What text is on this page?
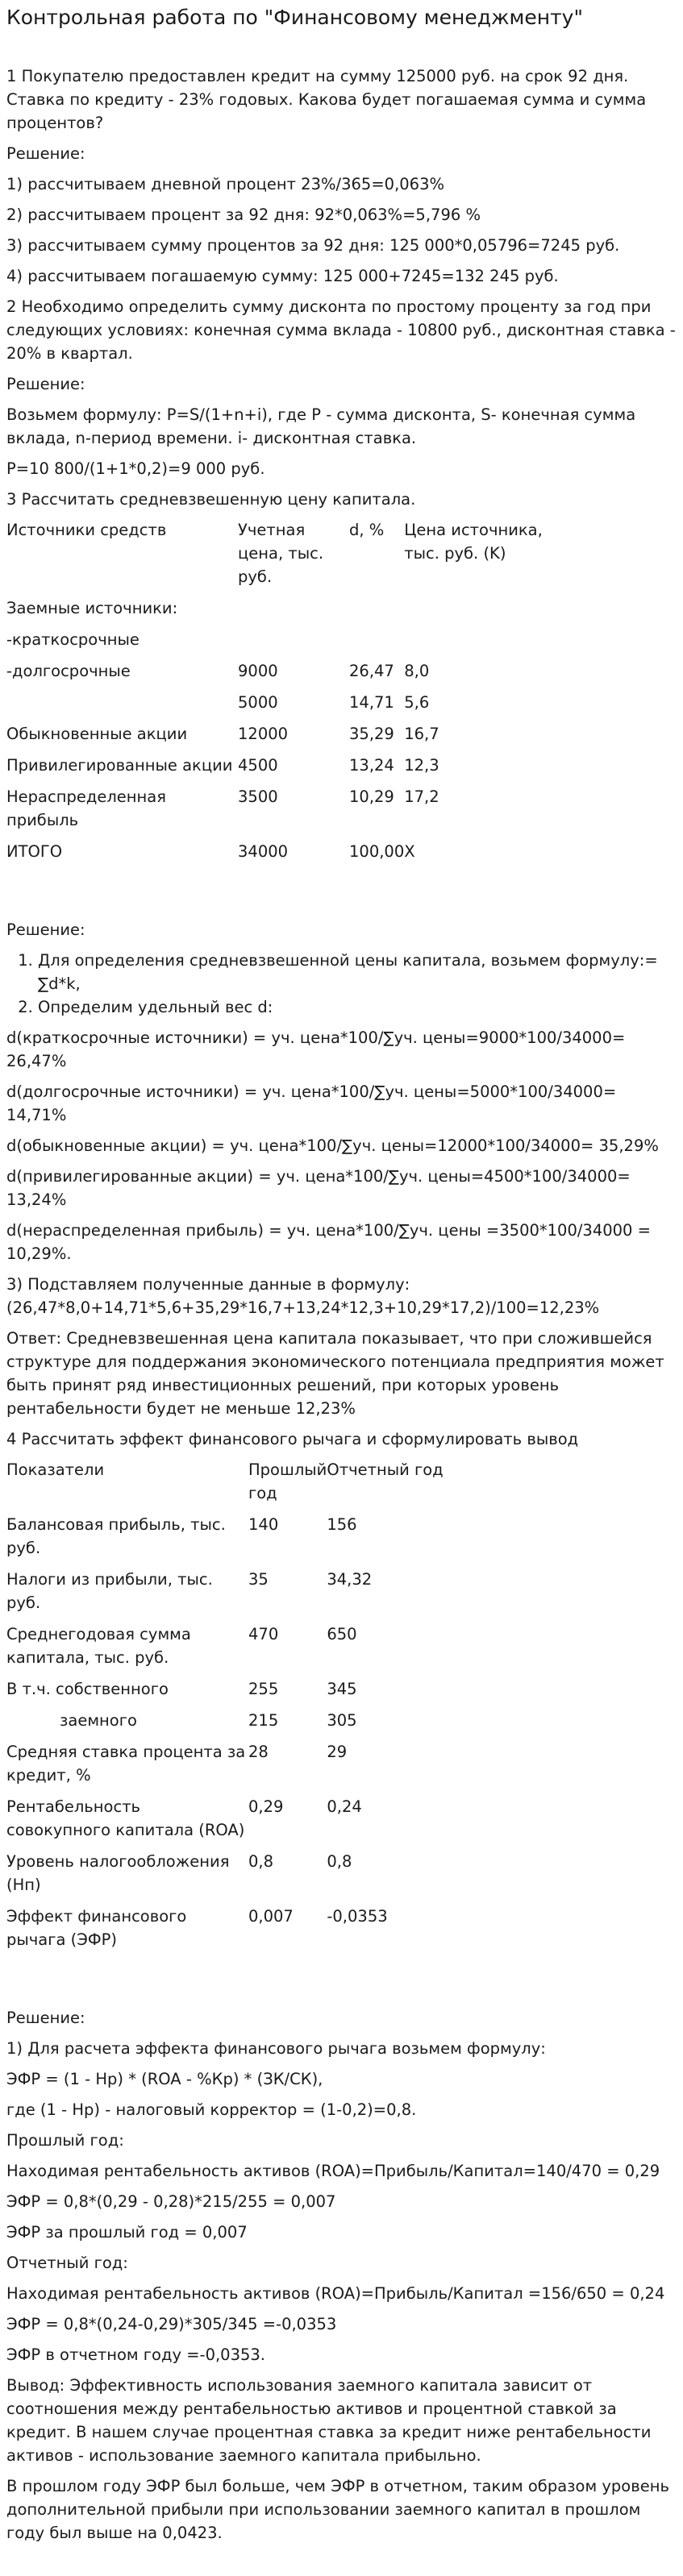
Контрольная работа по "Финансовому менеджменту"

1 Покупателю предоставлен кредит на сумму 125000 руб. на срок 92 дня. Ставка по кредиту - 23% годовых. Какова будет погашаемая сумма и сумма процентов?

Решение:

1) рассчитываем дневной процент 23%/365=0,063%

2) рассчитываем процент за 92 дня: 92*0,063%=5,796 %

3) рассчитываем сумму процентов за 92 дня: 125 000*0,05796=7245 руб.

4) рассчитываем погашаемую сумму: 125 000+7245=132 245 руб.

2 Необходимо определить сумму дисконта по простому проценту за год при следующих условиях: конечная сумма вклада - 10800 руб., дисконтная ставка - 20% в квартал.

Решение:

Возьмем формулу: P=S/(1+n+i), где P - сумма дисконта, S- конечная сумма вклада, n-период времени. i- дисконтная ставка.

P=10 800/(1+1*0,2)=9 000 руб.

3 Рассчитать средневзвешенную цену капитала.

Источники средств	Учетная цена, тыс. руб.	d, %	Цена источника, тыс. руб. (K)
Заемные источники:			
-краткосрочные			
-долгосрочные	9000	26,47	8,0
	5000	14,71	5,6
Обыкновенные акции	12000	35,29	16,7
Привилегированные акции	4500	13,24	12,3
Нераспределенная прибыль	3500	10,29	17,2
ИТОГО	34000	100,00	X

Решение:

1. Для определения средневзвешенной цены капитала, возьмем формулу:= ∑d*k,
2. Определим удельный вес d:

d(краткосрочные источники) = уч. цена*100/∑уч. цены=9000*100/34000= 26,47%

d(долгосрочные источники) = уч. цена*100/∑уч. цены=5000*100/34000= 14,71%

d(обыкновенные акции) = уч. цена*100/∑уч. цены=12000*100/34000= 35,29%

d(привилегированные акции) = уч. цена*100/∑уч. цены=4500*100/34000= 13,24%

d(нераспределенная прибыль) = уч. цена*100/∑уч. цены =3500*100/34000 = 10,29%.

3) Подставляем полученные данные в формулу: (26,47*8,0+14,71*5,6+35,29*16,7+13,24*12,3+10,29*17,2)/100=12,23%

Ответ: Средневзвешенная цена капитала показывает, что при сложившейся структуре для поддержания экономического потенциала предприятия может быть принят ряд инвестиционных решений, при которых уровень рентабельности будет не меньше 12,23%

4 Рассчитать эффект финансового рычага и сформулировать вывод

Показатели	Прошлый год	Отчетный год
Балансовая прибыль, тыс. руб.	140	156
Налоги из прибыли, тыс. руб.	35	34,32
Среднегодовая сумма капитала, тыс. руб.	470	650
В т.ч. собственного	255	345
заемного	215	305
Средняя ставка процента за кредит, %	28	29
Рентабельность совокупного капитала (ROA)	0,29	0,24
Уровень налогообложения (Нп)	0,8	0,8
Эффект финансового рычага (ЭФР)	0,007	-0,0353

Решение:

1) Для расчета эффекта финансового рычага возьмем формулу:

ЭФР = (1 - Нр) * (ROA - %Кр) * (ЗК/СК),

где (1 - Нр) - налоговый корректор = (1-0,2)=0,8.

Прошлый год:

Находимая рентабельность активов (ROA)=Прибыль/Капитал=140/470 = 0,29

ЭФР = 0,8*(0,29 - 0,28)*215/255 = 0,007

ЭФР за прошлый год = 0,007

Отчетный год:

Находимая рентабельность активов (ROA)=Прибыль/Капитал =156/650 = 0,24

ЭФР = 0,8*(0,24-0,29)*305/345 =-0,0353

ЭФР в отчетном году =-0,0353.

Вывод: Эффективность использования заемного капитала зависит от соотношения между рентабельностью активов и процентной ставкой за кредит. В нашем случае процентная ставка за кредит ниже рентабельности активов - использование заемного капитала прибыльно.

В прошлом году ЭФР был больше, чем ЭФР в отчетном, таким образом уровень дополнительной прибыли при использовании заемного капитал в прошлом году был выше на 0,0423.
